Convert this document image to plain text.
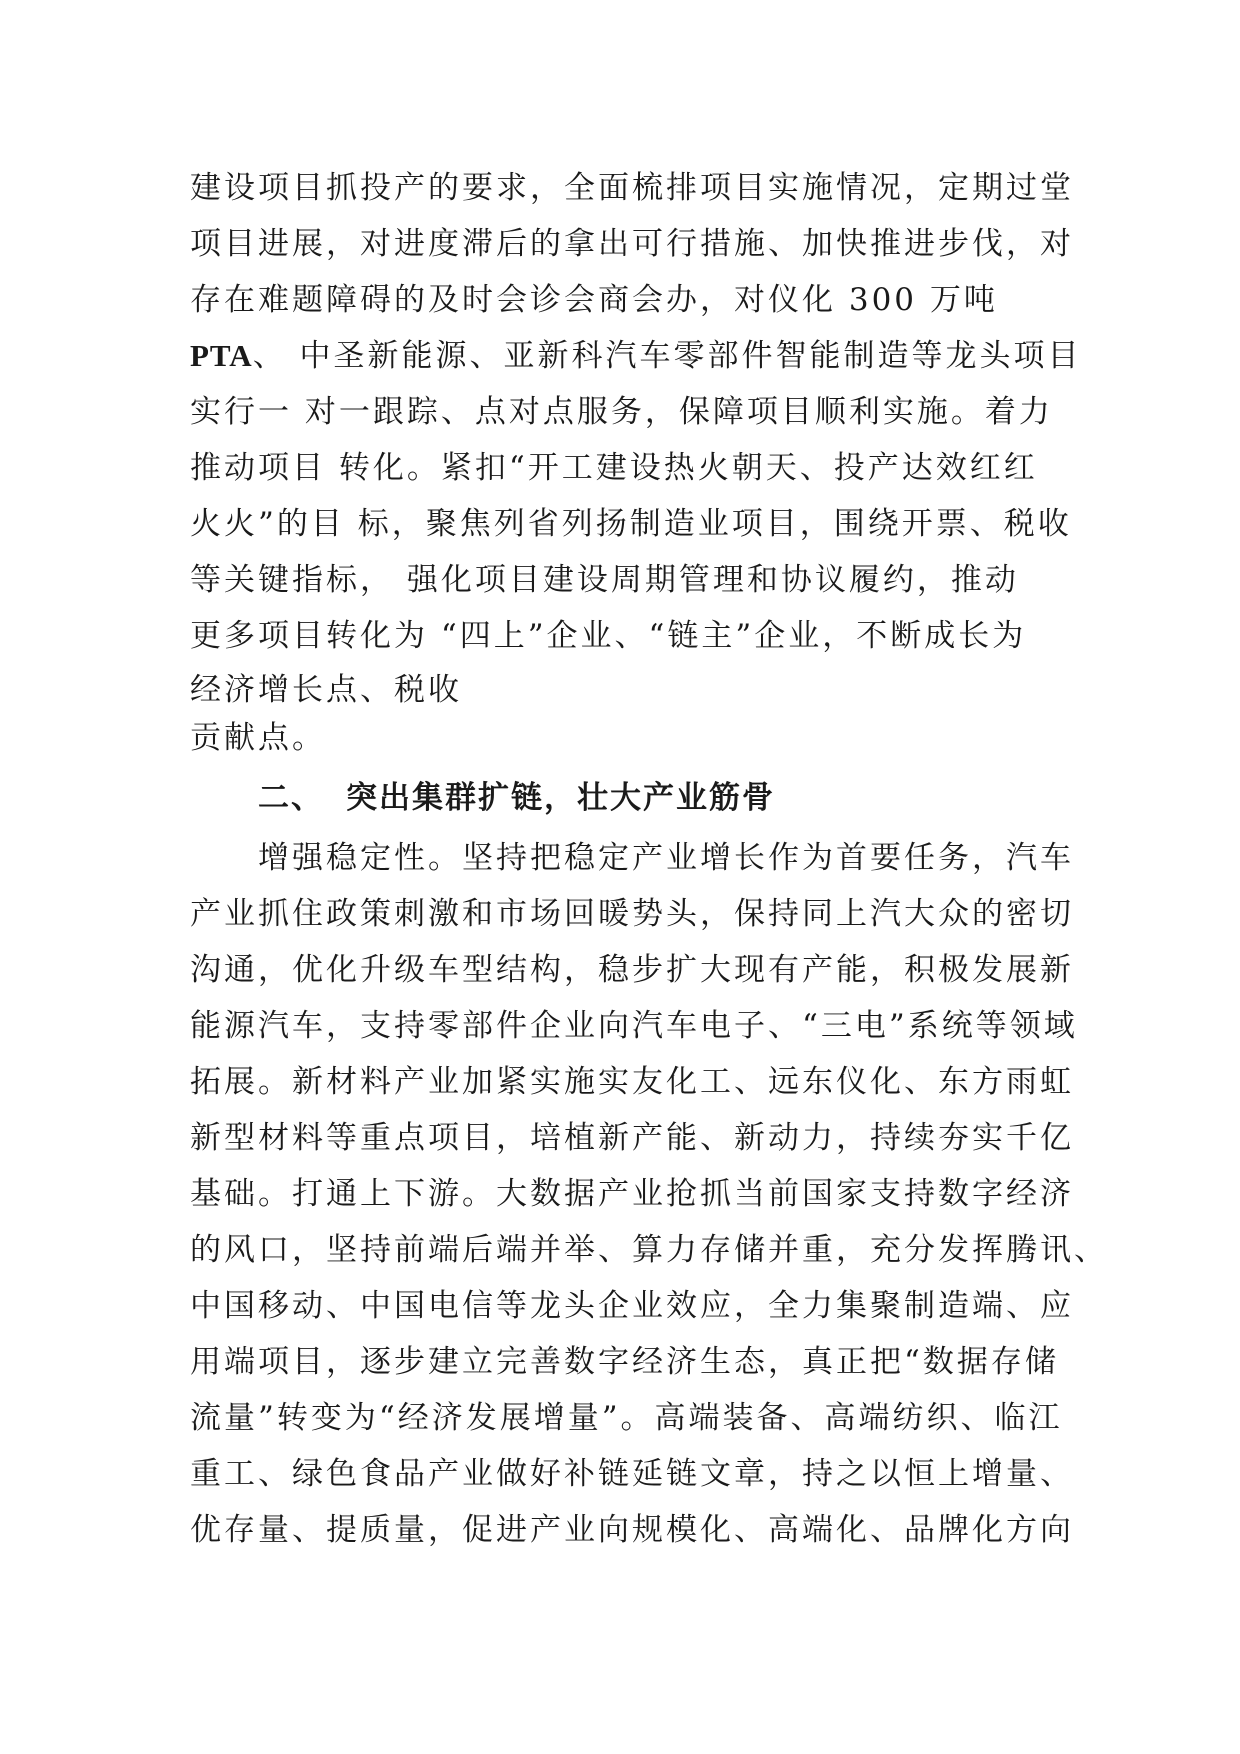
建设项目抓投产的要求，全面梳排项目实施情况，定期过堂
项目进展，对进度滞后的拿出可行措施、加快推进步伐，对
存在难题障碍的及时会诊会商会办，对仪化 300 万吨
PTA、 中圣新能源、亚新科汽车零部件智能制造等龙头项目
实行一 对一跟踪、点对点服务，保障项目顺利实施。着力
推动项目 转化。紧扣“开工建设热火朝天、投产达效红红
火火”的目 标，聚焦列省列扬制造业项目，围绕开票、税收
等关键指标， 强化项目建设周期管理和协议履约，推动
更多项目转化为 “四上”企业、“链主”企业，不断成长为
经济增长点、税收
贡献点。
二、 突出集群扩链，壮大产业筋骨
增强稳定性。坚持把稳定产业增长作为首要任务，汽车
产业抓住政策刺激和市场回暖势头，保持同上汽大众的密切
沟通，优化升级车型结构，稳步扩大现有产能，积极发展新
能源汽车，支持零部件企业向汽车电子、“三电”系统等领域
拓展。新材料产业加紧实施实友化工、远东仪化、东方雨虹
新型材料等重点项目，培植新产能、新动力，持续夯实千亿
基础。打通上下游。大数据产业抢抓当前国家支持数字经济
的风口，坚持前端后端并举、算力存储并重，充分发挥腾讯、
中国移动、中国电信等龙头企业效应，全力集聚制造端、应
用端项目，逐步建立完善数字经济生态，真正把“数据存储
流量”转变为“经济发展增量”。高端装备、高端纺织、临江
重工、绿色食品产业做好补链延链文章，持之以恒上增量、
优存量、提质量，促进产业向规模化、高端化、品牌化方向
